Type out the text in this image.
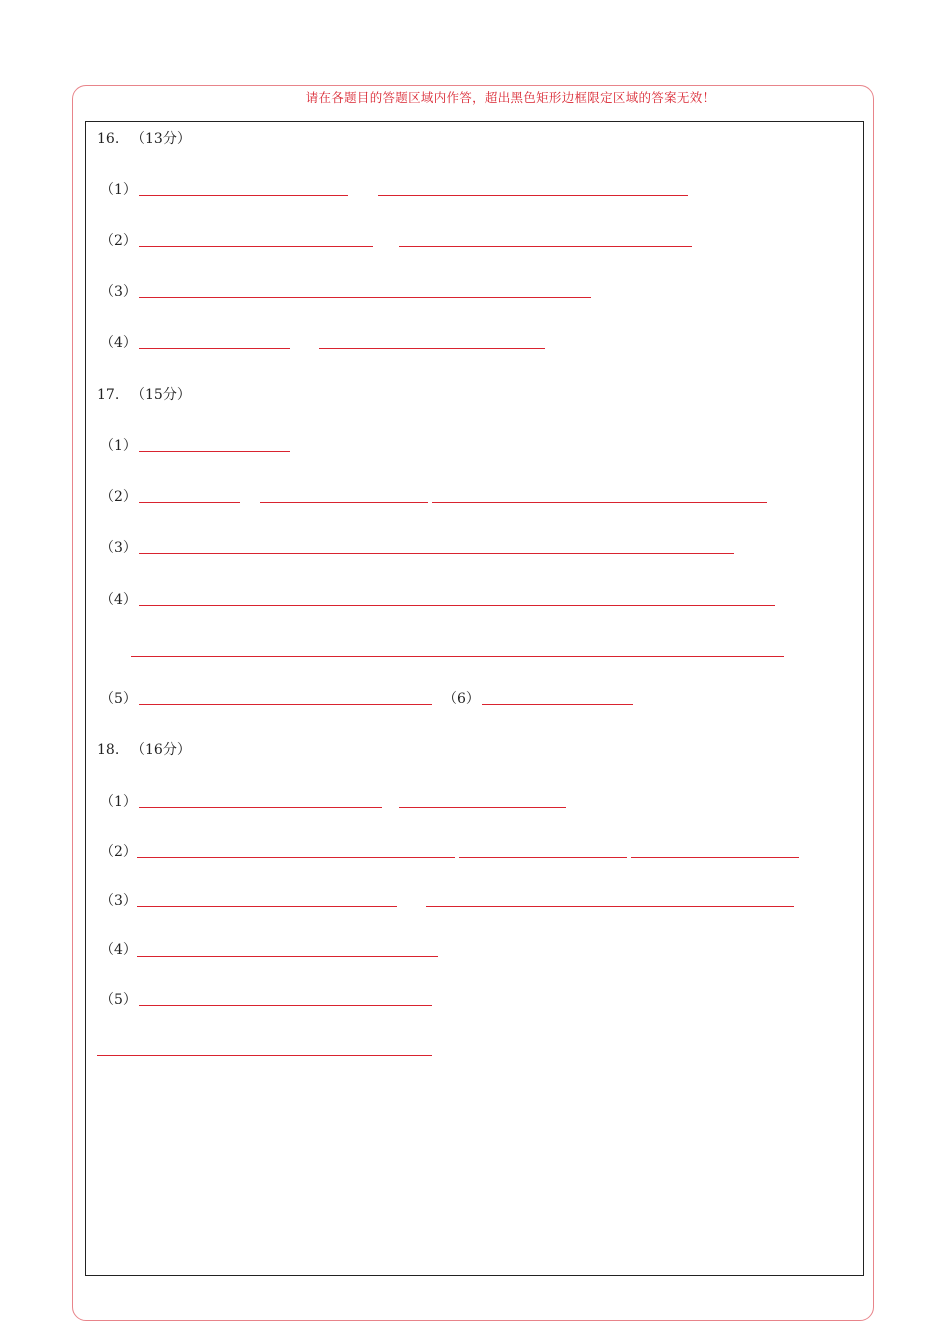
请在各题目的答题区域内作答，超出黑色矩形边框限定区域的答案无效！
16. （13分）
（1）
（2）
（3）
（4）
17. （15分）
（1）
（2）
（3）
（4）
（5）	（6）
18. （16分）
（1）
（2）
（3）
（4）
（5）
